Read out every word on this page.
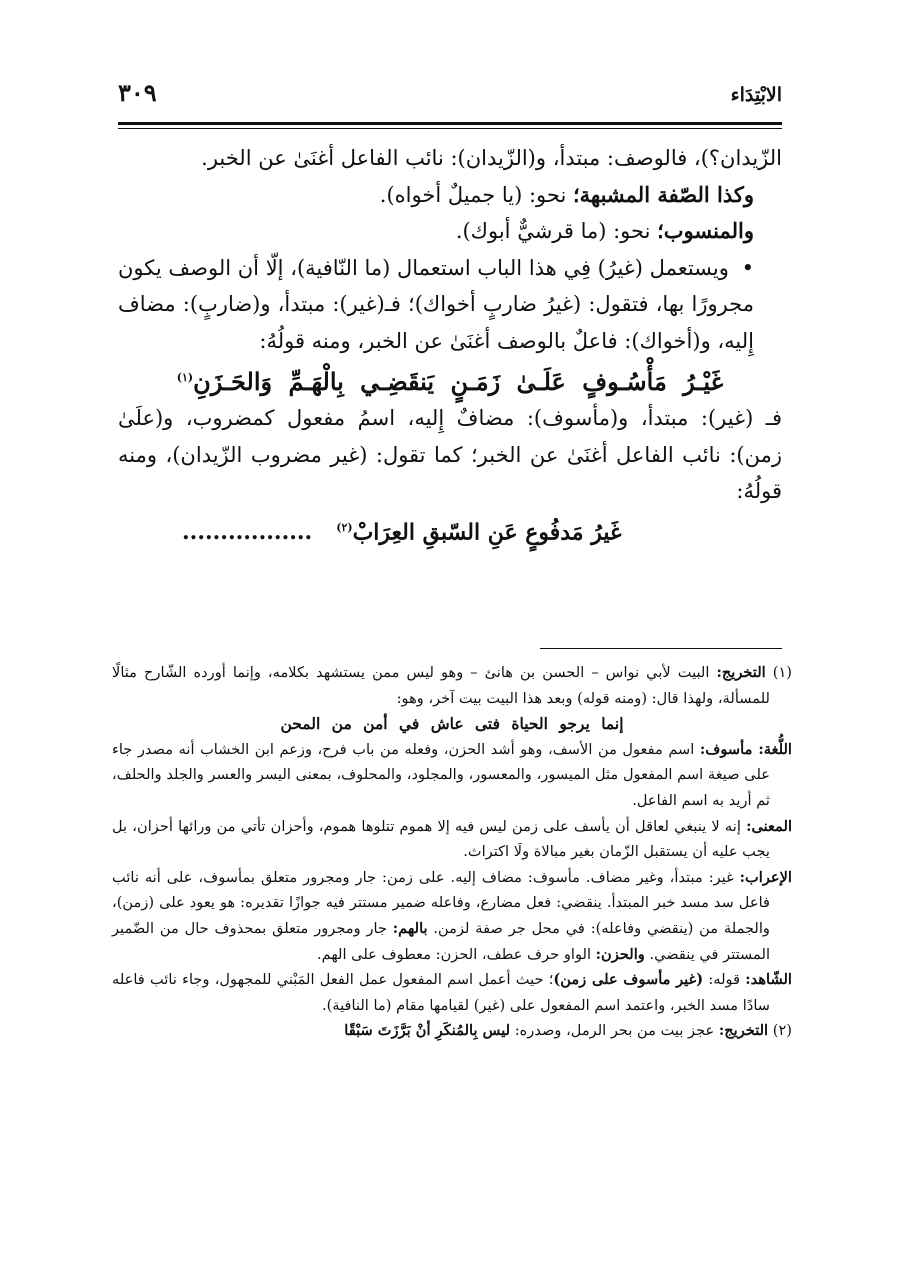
٣٠٩	الابْتِدَاء

الزّيدان؟)، فالوصف: مبتدأ، و(الزّيدان): نائب الفاعل أغنَىٰ عن الخبر.

وكذا الصّفة المشبهة؛ نحو: (يا جميلٌ أخواه).

والمنسوب؛ نحو: (ما قرشيٌّ أبوك).

• ويستعمل (غيرُ) فِي هذا الباب استعمال (ما النّافية)، إلّا أن الوصف يكون مجرورًا بها، فتقول: (غيرُ ضاربٍ أخواك)؛ فـ(غير): مبتدأ، و(ضاربٍ): مضاف إِليه، و(أخواك): فاعلٌ بالوصف أغنَىٰ عن الخبر، ومنه قولُهُ:

غَيْـرُ مَأْسُـوفٍ عَلَـىٰ زَمَـنٍ يَنقَضِـي بِالْهَـمِّ وَالحَـزَنِ$^{(١)}$

فـ (غير): مبتدأ، و(مأسوف): مضافٌ إِليه، اسمُ مفعول كمضروب، و(علَىٰ زمن): نائب الفاعل أغنَىٰ عن الخبر؛ كما تقول: (غير مضروب الزّيدان)، ومنه قولُهُ:

غَيرُ مَدفُوعٍ عَنِ السّبقِ العِرَابْ$^{(٢)}$.................

(١) التخريج: البيت لأبي نواس – الحسن بن هانئ – وهو ليس ممن يستشهد بكلامه، وإنما أورده الشّارح مثالًا للمسألة، ولهذا قال: (ومنه قوله) وبعد هذا البيت بيت آخر، وهو:

إنما يرجو الحياة فتى عاش في أمن من المحن

اللُّغة: مأسوف: اسم مفعول من الأسف، وهو أشد الحزن، وفعله من باب فرح، وزعم ابن الخشاب أنه مصدر جاء على صيغة اسم المفعول مثل الميسور، والمعسور، والمجلود، والمحلوف، بمعنى اليسر والعسر والجلد والحلف، ثم أريد به اسم الفاعل.

المعنى: إنه لا ينبغي لعاقل أن يأسف على زمن ليس فيه إلا هموم تتلوها هموم، وأحزان تأتي من ورائها أحزان، بل يجب عليه أن يستقبل الزّمان بغير مبالاة ولَا اكتراث.

الإعراب: غير: مبتدأ، وغير مضاف. مأسوف: مضاف إليه. على زمن: جار ومجرور متعلق بمأسوف، على أنه نائب فاعل سد مسد خبر المبتدأ. ينقضي: فعل مضارع، وفاعله ضمير مستتر فيه جوازًا تقديره: هو يعود على (زمن)، والجملة من (ينقضي وفاعله): في محل جر صفة لزمن. بالهم: جار ومجرور متعلق بمحذوف حال من الضّمير المستتر في ينقضي. والحزن: الواو حرف عطف، الحزن: معطوف على الهم.

الشّاهد: قوله: (غير مأسوف على زمن)؛ حيث أعمل اسم المفعول عمل الفعل المَبْني للمجهول، وجاء نائب فاعله سادًا مسد الخبر، واعتمد اسم المفعول على (غير) لقيامها مقام (ما النافية).

(٢) التخريج: عجز بيت من بحر الرمل، وصدره: ليس بِالمُنكَرِ أنْ بَرَّزَتَ سَبْقًا
